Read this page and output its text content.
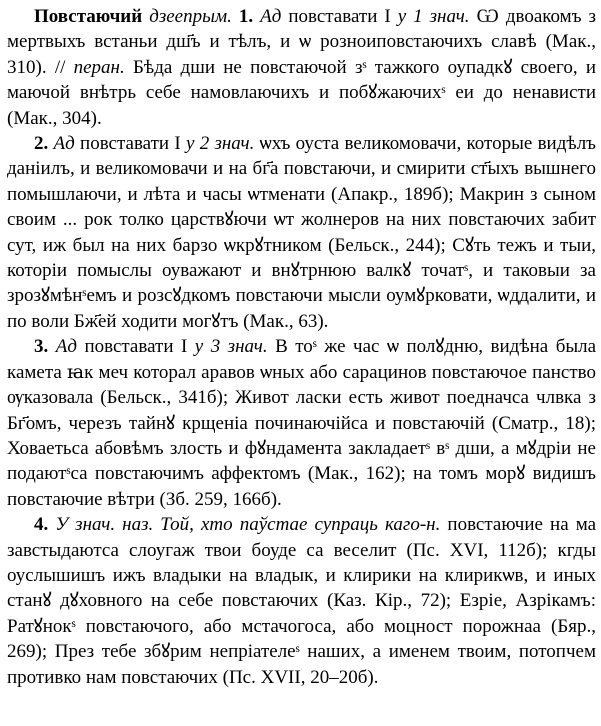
Повстаючий дзеeпрым. 1. Ад повставати І у 1 знач. Ѡ двоакомъ з мертвыхъ встаньи дш҃ъ и тѣлъ, и ѡ розноиповстаючихъ славѣ (Мак., 310). // перан. Бѣда дши не повстаючой зˢ тажкого оупадкꙋ своего, и маючой внѣтрь себе намовлаючихъ и побꙋжаючихˢ еи до ненависти (Мак., 304).

2. Ад повставати І у 2 знач. ѡхъ оуста великомовачи, которые видѣлъ даніилъ, и великомовачи и на бг҃а повстаючи, и смирити ст҃ыхъ вышнего помышлаючи, и лѣта и часы ѡтменати (Апакр., 189б); Макрин з сыном своим ... рок толко царствꙋючи ѡт жолнеров на них повстаючих забит сут, иж был на них барзо ѡкрꙋтником (Бельск., 244); Сꙋть тежъ и тыи, которіи помыслы оуважают и внꙋтрнюю валкꙋ точатˢ, и таковыи за зрозꙋмѣнˢемъ и розсꙋдкомъ повстаючи мысли оумꙋрковати, ѡддалити, и по воли Бж҃ей ходити могꙋтъ (Мак., 63).

3. Ад повставати І у 3 знач. В тоˢ же час ѡ полꙋдню, видѣна была камета ꙗк меч которал аравов ѡных або сарацинов повстаючое панство ѹказовала (Бельск., 341б); Живот ласки есть живот поедначса члвка з Бг҃омъ, черезъ тайнꙋ крщеніа починаючійса и повстаючій (Сматр., 18); Ховаетьса абовѣмъ злость и фꙋндамента закладаетˢ вˢ дши, а мꙋдріи не подаютˢса повстаючимъ аффектомъ (Мак., 162); на томъ морꙋ видишъ повстаючие вѣтри (Зб. 259, 166б).

4. У знач. наз. Той, хто паўстае супраць каго-н. повстаючие на ма завстыдаютса слоугаж твои боуде са веселит (Пс. XVI, 112б); кгды оуслышишъ ижъ владыки на владык, и клирики на клирикѡв, и иных станꙋ дꙋховного на себе повстаючих (Каз. Кір., 72); Езріе, Азрікамъ: Ратꙋнокˢ повстаючого, або мстачогоса, або моцност порожнаа (Бяр., 269); През тебе збꙋрим непріателеˢ наших, а именем твоим, потопчем противко нам повстаючих (Пс. XVII, 20–20б).
